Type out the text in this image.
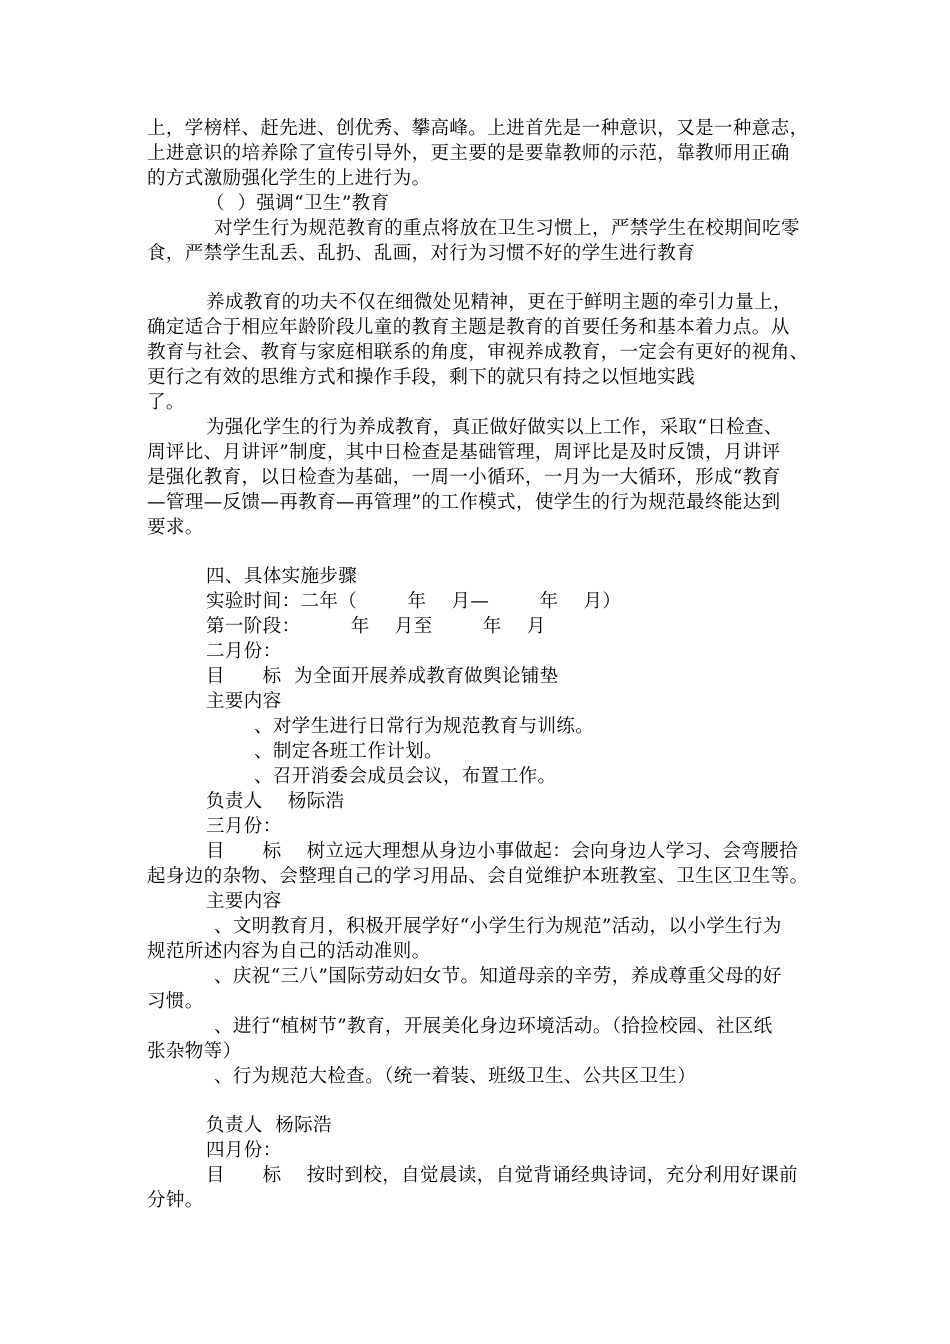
上，学榜样、赶先进、创优秀、攀高峰。上进首先是一种意识，又是一种意志，
上进意识的培养除了宣传引导外，更主要的是要靠教师的示范，靠教师用正确
的方式激励强化学生的上进行为。
（  ）强调“卫生”教育
对学生行为规范教育的重点将放在卫生习惯上，严禁学生在校期间吃零
食，严禁学生乱丢、乱扔、乱画，对行为习惯不好的学生进行教育
养成教育的功夫不仅在细微处见精神，更在于鲜明主题的牵引力量上，
确定适合于相应年龄阶段儿童的教育主题是教育的首要任务和基本着力点。从
教育与社会、教育与家庭相联系的角度，审视养成教育，一定会有更好的视角、
更行之有效的思维方式和操作手段，剩下的就只有持之以恒地实践
了。
为强化学生的行为养成教育，真正做好做实以上工作，采取“日检查、
周评比、月讲评”制度，其中日检查是基础管理，周评比是及时反馈，月讲评
是强化教育，以日检查为基础，一周一小循环，一月为一大循环，形成“教育
—管理—反馈—再教育—再管理”的工作模式，使学生的行为规范最终能达到
要求。
四、具体实施步骤
实验时间：二年（        年    月—        年    月）
第一阶段：        年    月至        年    月
二月份：
目      标  为全面开展养成教育做舆论铺垫
主要内容
、对学生进行日常行为规范教育与训练。
、制定各班工作计划。
、召开消委会成员会议，布置工作。
负责人    杨际浩
三月份：
目      标    树立远大理想从身边小事做起：会向身边人学习、会弯腰拾
起身边的杂物、会整理自己的学习用品、会自觉维护本班教室、卫生区卫生等。
主要内容
、文明教育月，积极开展学好“小学生行为规范”活动，以小学生行为
规范所述内容为自己的活动准则。
、庆祝“三八”国际劳动妇女节。知道母亲的辛劳，养成尊重父母的好
习惯。
、进行“植树节”教育，开展美化身边环境活动。（拾捡校园、社区纸
张杂物等）
、行为规范大检查。（统一着装、班级卫生、公共区卫生）
负责人  杨际浩
四月份：
目      标    按时到校，自觉晨读，自觉背诵经典诗词，充分利用好课前
分钟。
